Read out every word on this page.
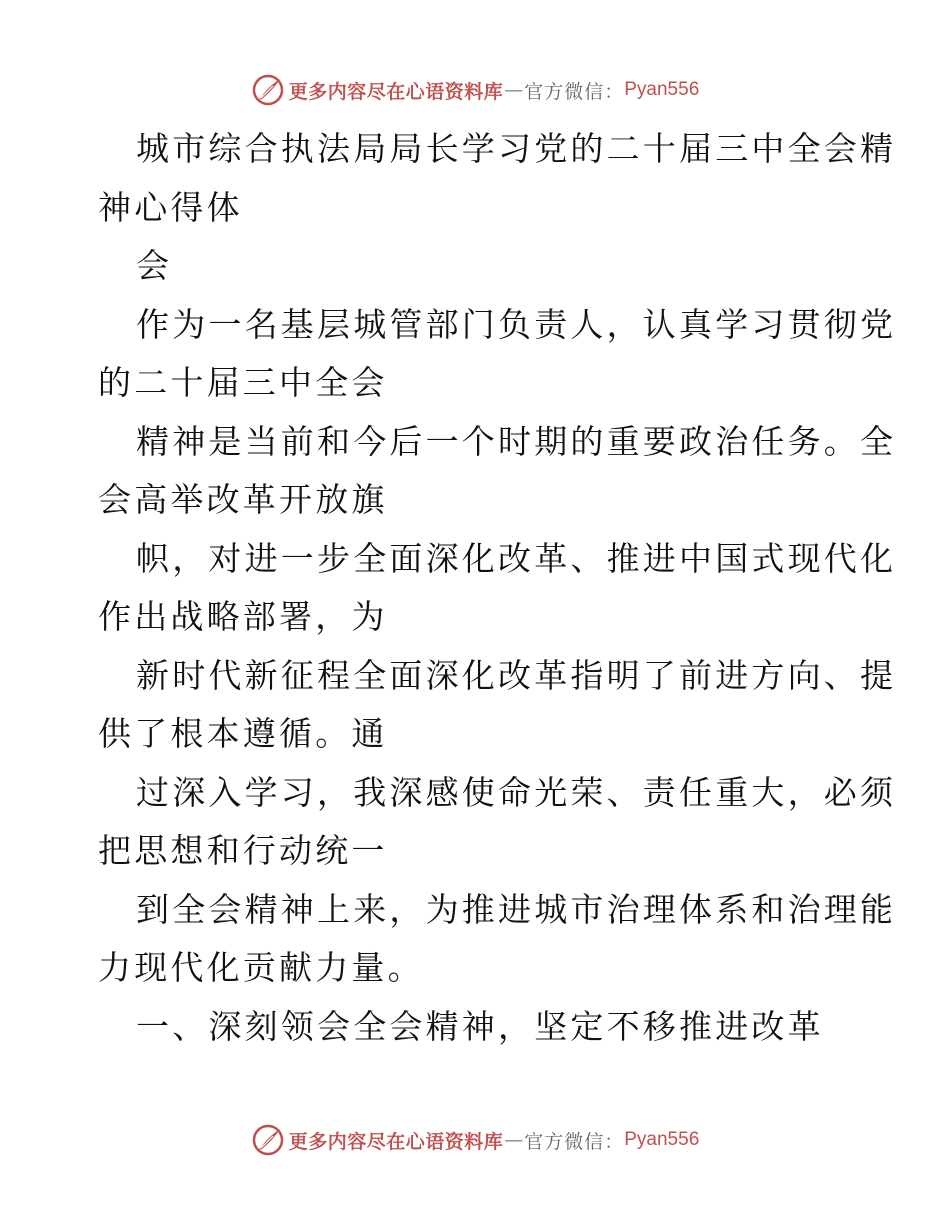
更多内容尽在心语资料库 — 官方微信： Pyan556
城市综合执法局局长学习党的二十届三中全会精
神心得体
会
作为一名基层城管部门负责人，认真学习贯彻党
的二十届三中全会
精神是当前和今后一个时期的重要政治任务。全
会高举改革开放旗
帜，对进一步全面深化改革、推进中国式现代化
作出战略部署，为
新时代新征程全面深化改革指明了前进方向、提
供了根本遵循。通
过深入学习，我深感使命光荣、责任重大，必须
把思想和行动统一
到全会精神上来，为推进城市治理体系和治理能
力现代化贡献力量。
一、深刻领会全会精神，坚定不移推进改革
更多内容尽在心语资料库 — 官方微信： Pyan556
